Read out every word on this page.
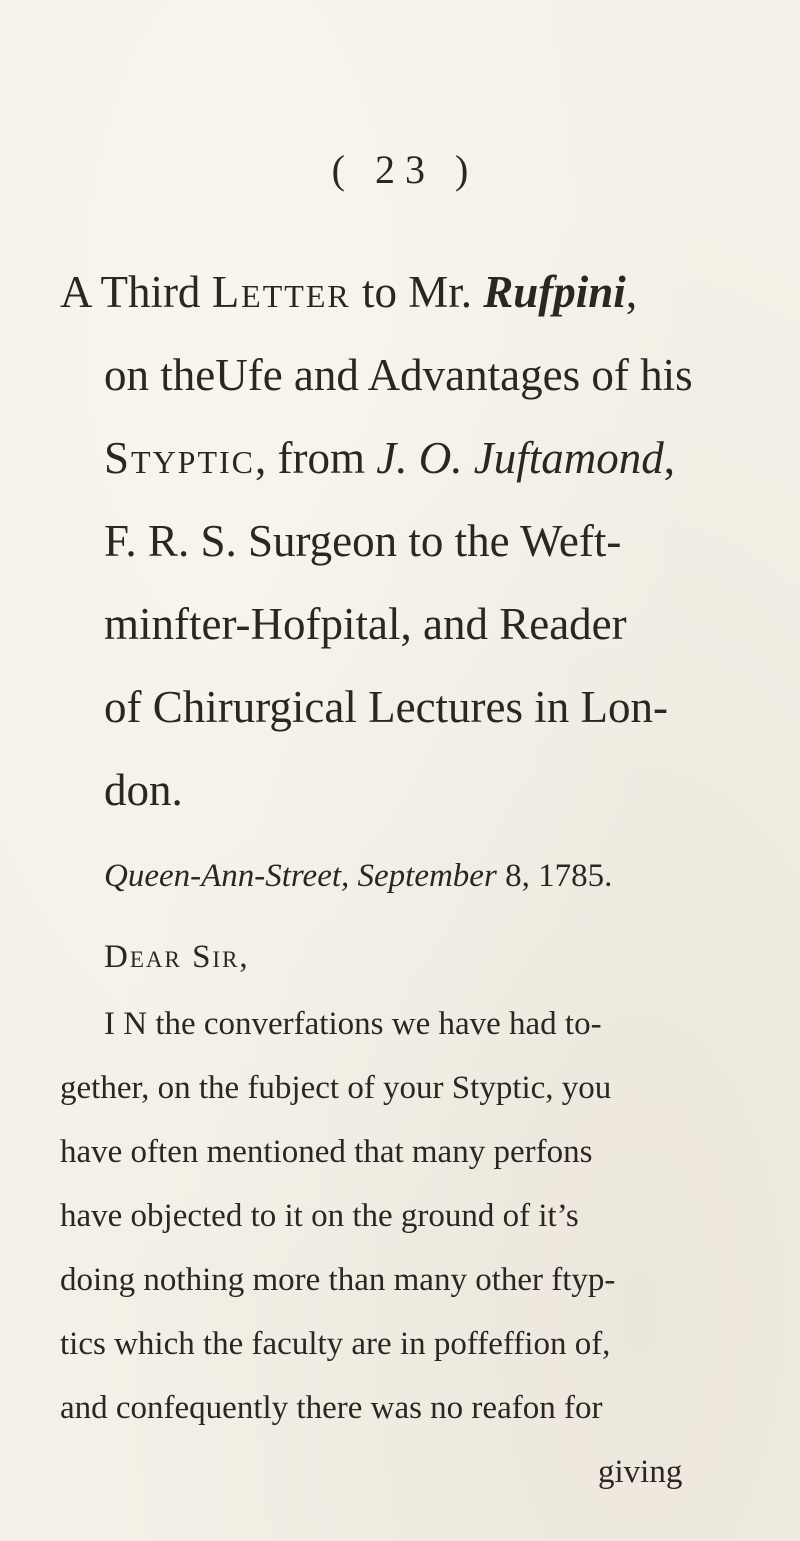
( 23 )

A Third Letter to Mr. Rufpini,

on theUfe and Advantages of his

Styptic, from J. O. Juftamond,

F. R. S. Surgeon to the Weft-

minfter-Hofpital, and Reader

of Chirurgical Lectures in Lon-

don.

Queen-Ann-Street, September 8, 1785.

Dear Sir,

I N the converfations we have had to-

gether, on the fubject of your Styptic, you

have often mentioned that many perfons

have objected to it on the ground of it’s

doing nothing more than many other ftyp-

tics which the faculty are in poffeffion of,

and confequently there was no reafon for

giving
